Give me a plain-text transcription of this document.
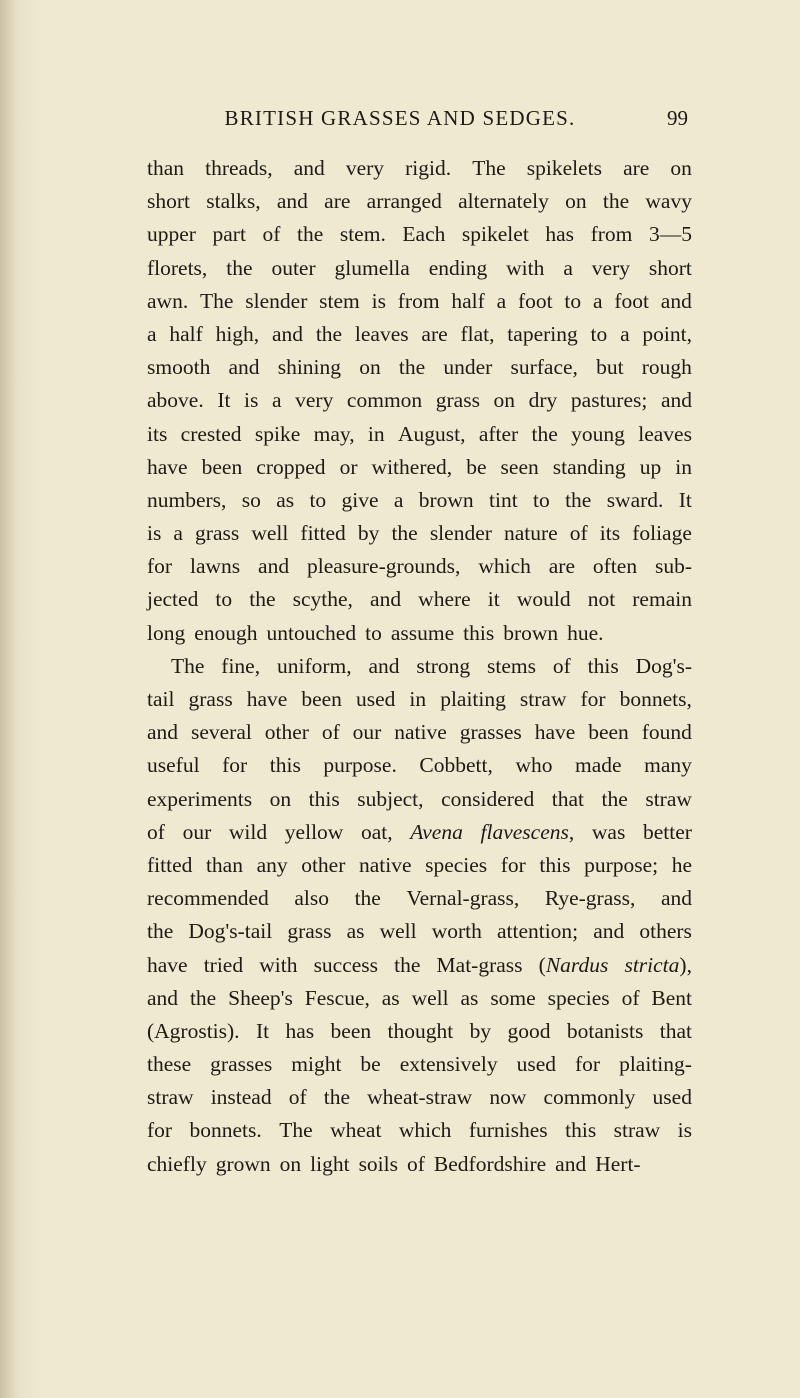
BRITISH GRASSES AND SEDGES.	99
than threads, and very rigid. The spikelets are on
short stalks, and are arranged alternately on the wavy
upper part of the stem. Each spikelet has from 3—5
florets, the outer glumella ending with a very short
awn. The slender stem is from half a foot to a foot and
a half high, and the leaves are flat, tapering to a point,
smooth and shining on the under surface, but rough
above. It is a very common grass on dry pastures; and
its crested spike may, in August, after the young leaves
have been cropped or withered, be seen standing up in
numbers, so as to give a brown tint to the sward. It
is a grass well fitted by the slender nature of its foliage
for lawns and pleasure-grounds, which are often sub-
jected to the scythe, and where it would not remain
long enough untouched to assume this brown hue.
The fine, uniform, and strong stems of this Dog's-
tail grass have been used in plaiting straw for bonnets,
and several other of our native grasses have been found
useful for this purpose. Cobbett, who made many
experiments on this subject, considered that the straw
of our wild yellow oat, Avena flavescens, was better
fitted than any other native species for this purpose; he
recommended also the Vernal-grass, Rye-grass, and
the Dog's-tail grass as well worth attention; and others
have tried with success the Mat-grass (Nardus stricta),
and the Sheep's Fescue, as well as some species of Bent
(Agrostis). It has been thought by good botanists that
these grasses might be extensively used for plaiting-
straw instead of the wheat-straw now commonly used
for bonnets. The wheat which furnishes this straw is
chiefly grown on light soils of Bedfordshire and Hert-
